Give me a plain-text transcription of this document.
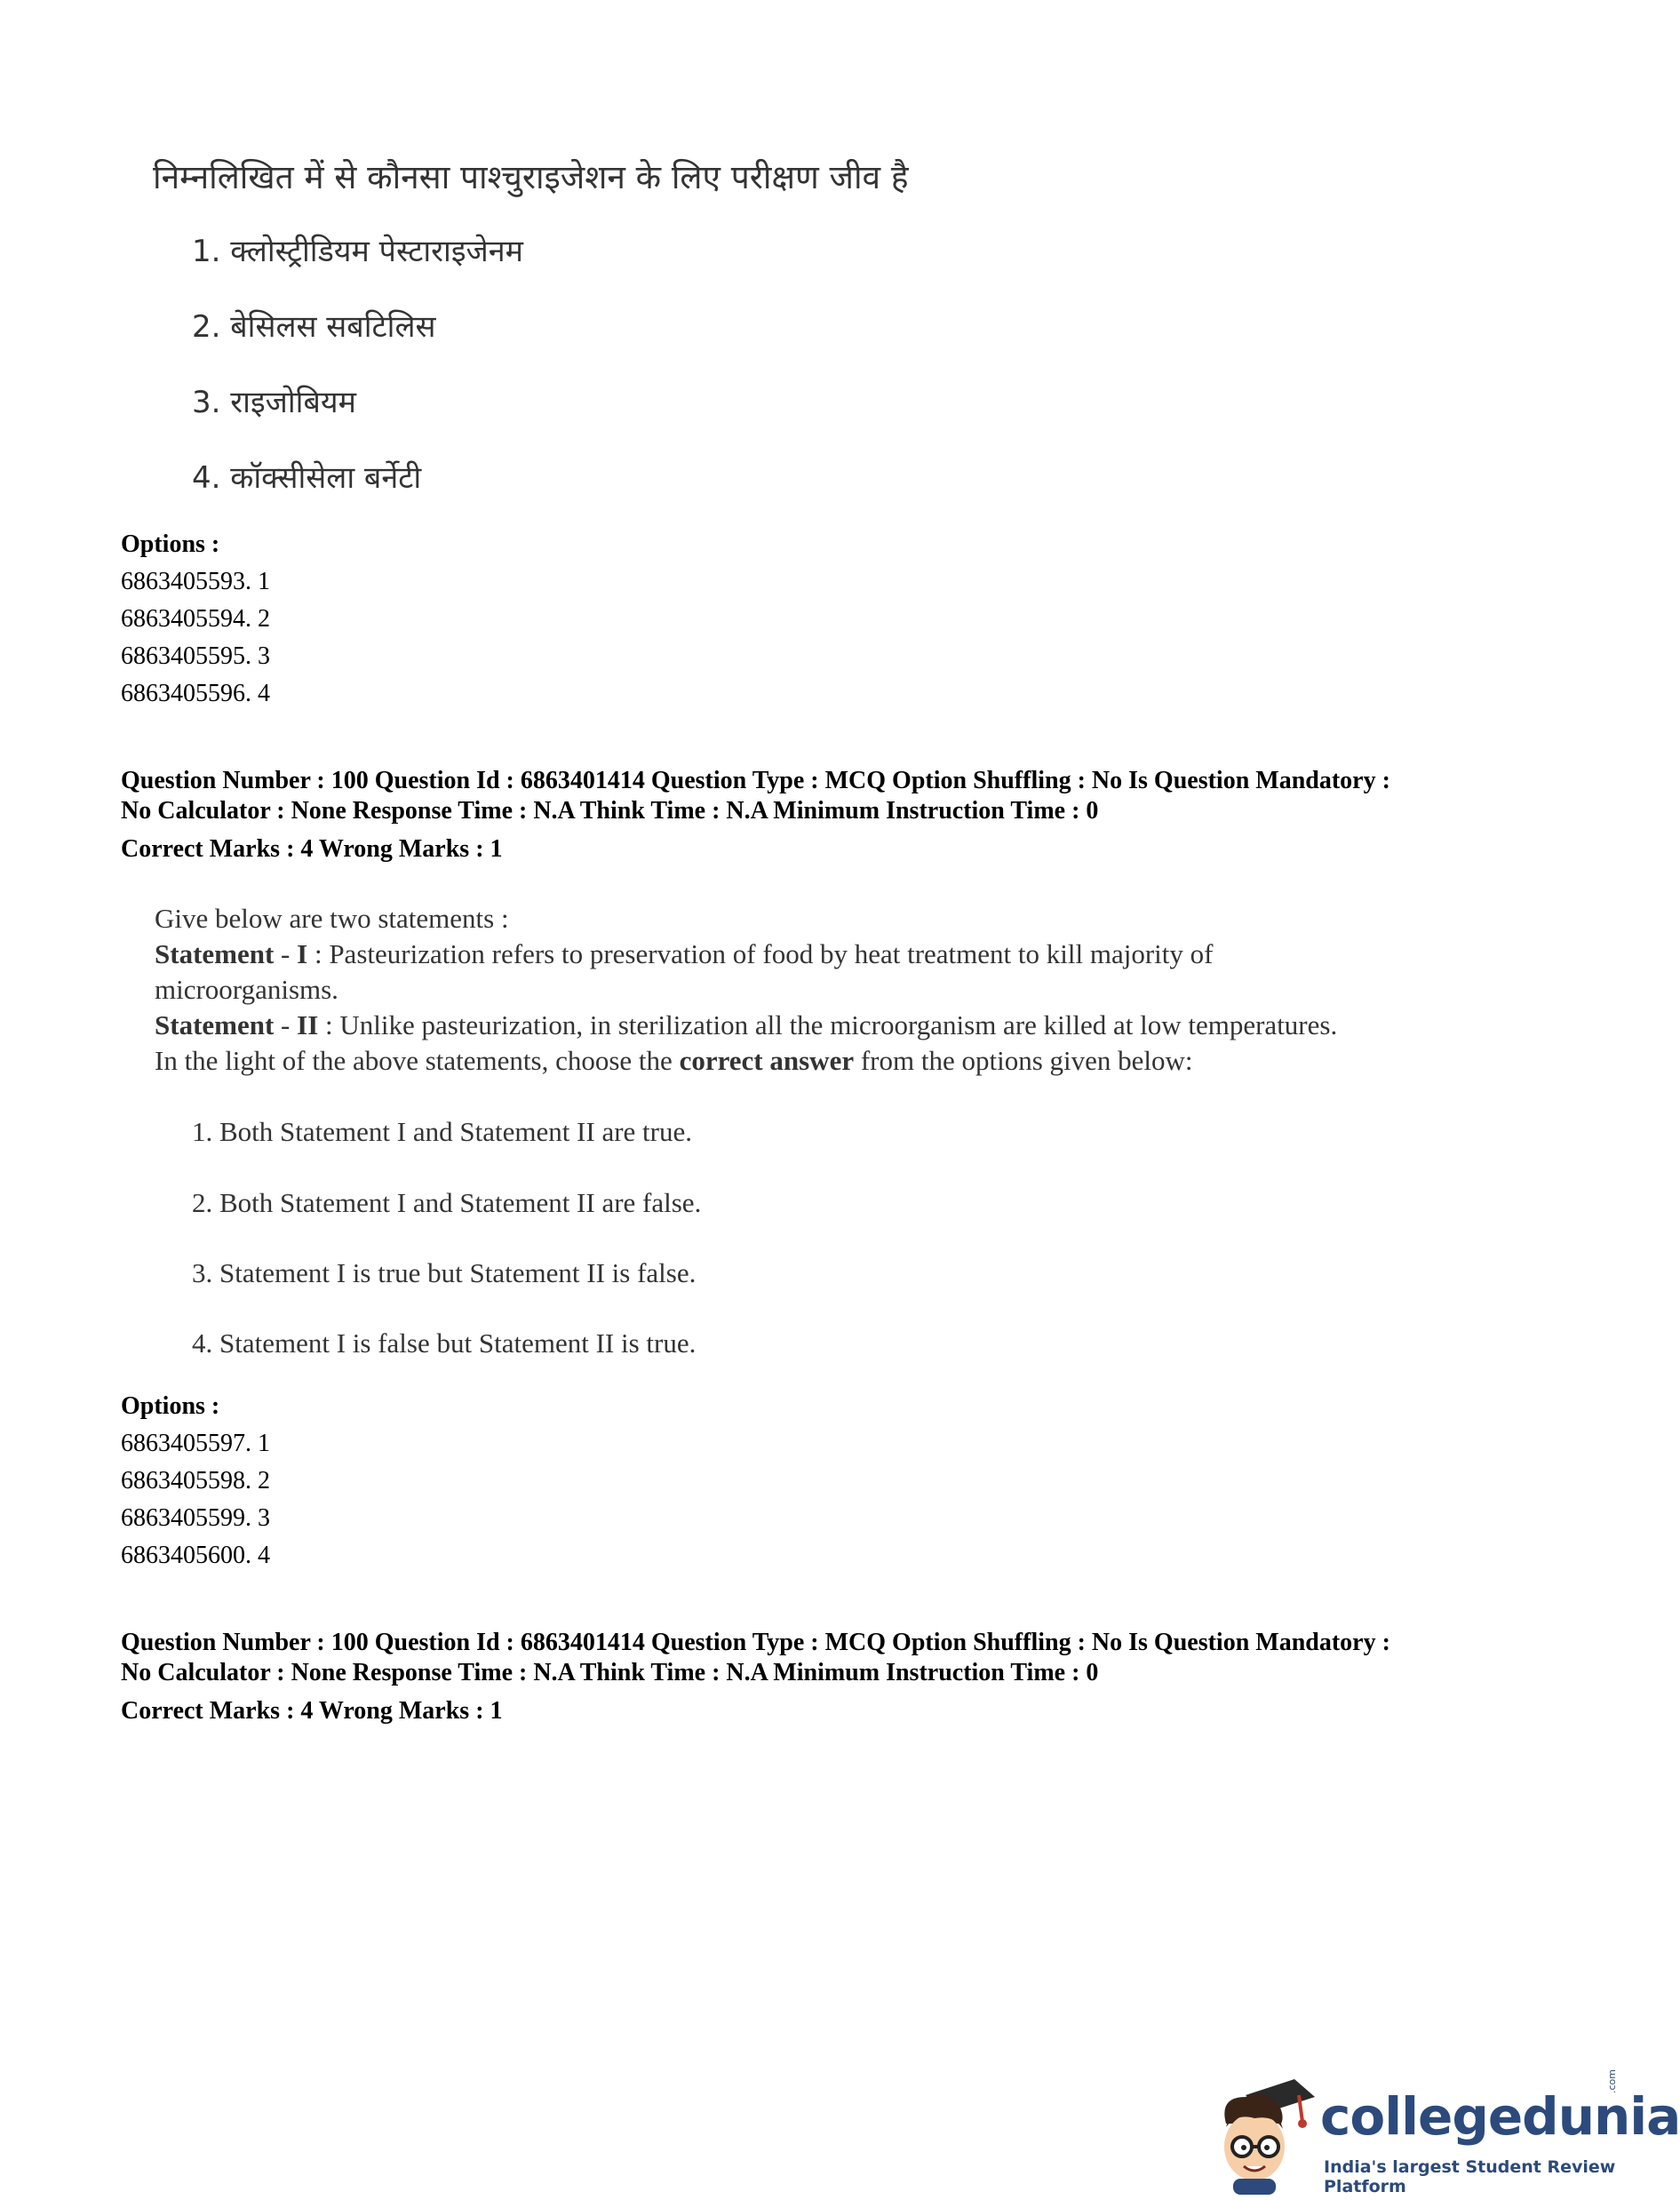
निम्नलिखित में से कौनसा पाश्चुराइजेशन के लिए परीक्षण जीव है
1. क्लोस्ट्रीडियम पेस्टाराइजेनम
2. बेसिलस सबटिलिस
3. राइजोबियम
4. कॉक्सीसेला बर्नेटी
Options :
6863405593. 1
6863405594. 2
6863405595. 3
6863405596. 4
Question Number : 100 Question Id : 6863401414 Question Type : MCQ Option Shuffling : No Is Question Mandatory :
No Calculator : None Response Time : N.A Think Time : N.A Minimum Instruction Time : 0
Correct Marks : 4 Wrong Marks : 1
Give below are two statements :
Statement - I : Pasteurization refers to preservation of food by heat treatment to kill majority of
microorganisms.
Statement - II : Unlike pasteurization, in sterilization all the microorganism are killed at low temperatures.
In the light of the above statements, choose the correct answer from the options given below:
1. Both Statement I and Statement II are true.
2. Both Statement I and Statement II are false.
3. Statement I is true but Statement II is false.
4. Statement I is false but Statement II is true.
Options :
6863405597. 1
6863405598. 2
6863405599. 3
6863405600. 4
Question Number : 100 Question Id : 6863401414 Question Type : MCQ Option Shuffling : No Is Question Mandatory :
No Calculator : None Response Time : N.A Think Time : N.A Minimum Instruction Time : 0
Correct Marks : 4 Wrong Marks : 1
collegedunia
.com
India's largest Student Review Platform
